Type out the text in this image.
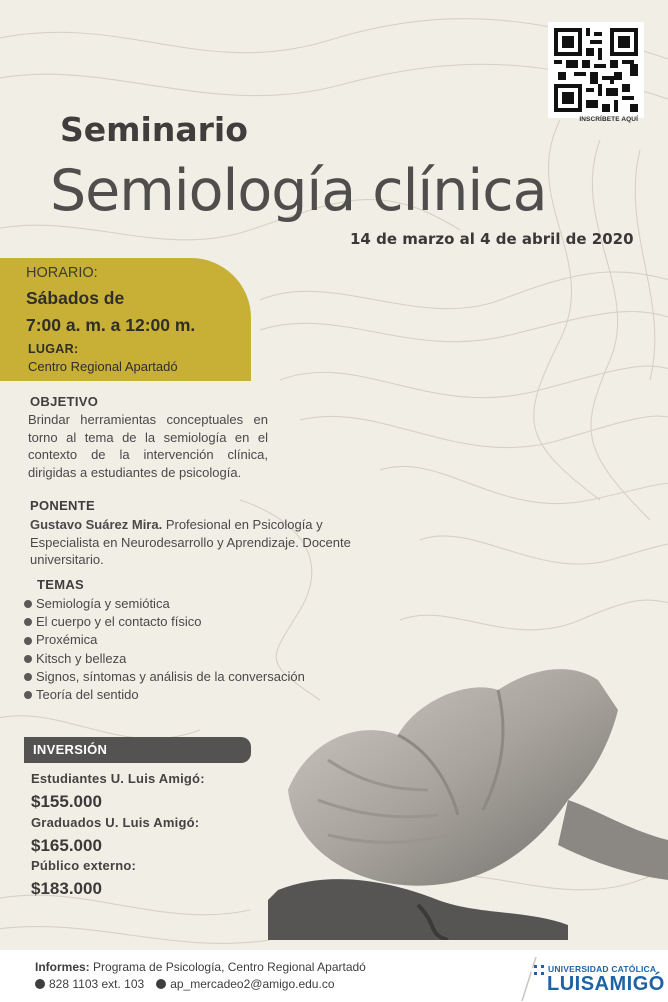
INSCRÍBETE AQUÍ
Seminario
Semiología clínica
14 de marzo al 4 de abril de 2020
HORARIO:
Sábados de
7:00 a. m. a 12:00 m.
LUGAR:
Centro Regional Apartadó
OBJETIVO
Brindar herramientas conceptuales en torno al tema de la semiología en el contexto de la intervención clínica, dirigidas a estudiantes de psicología.
PONENTE
Gustavo Suárez Mira. Profesional en Psicología y Especialista en Neurodesarrollo y Aprendizaje. Docente universitario.
TEMAS
Semiología y semiótica
El cuerpo y el contacto físico
Proxémica
Kitsch y belleza
Signos, síntomas y análisis de la conversación
Teoría del sentido
INVERSIÓN
Estudiantes U. Luis Amigó:
$155.000
Graduados U. Luis Amigó:
$165.000
Público externo:
$183.000
Informes: Programa de Psicología, Centro Regional Apartadó
828 1103 ext. 103 ap_mercadeo2@amigo.edu.co
UNIVERSIDAD CATÓLICA
LUISAMIGÓ
